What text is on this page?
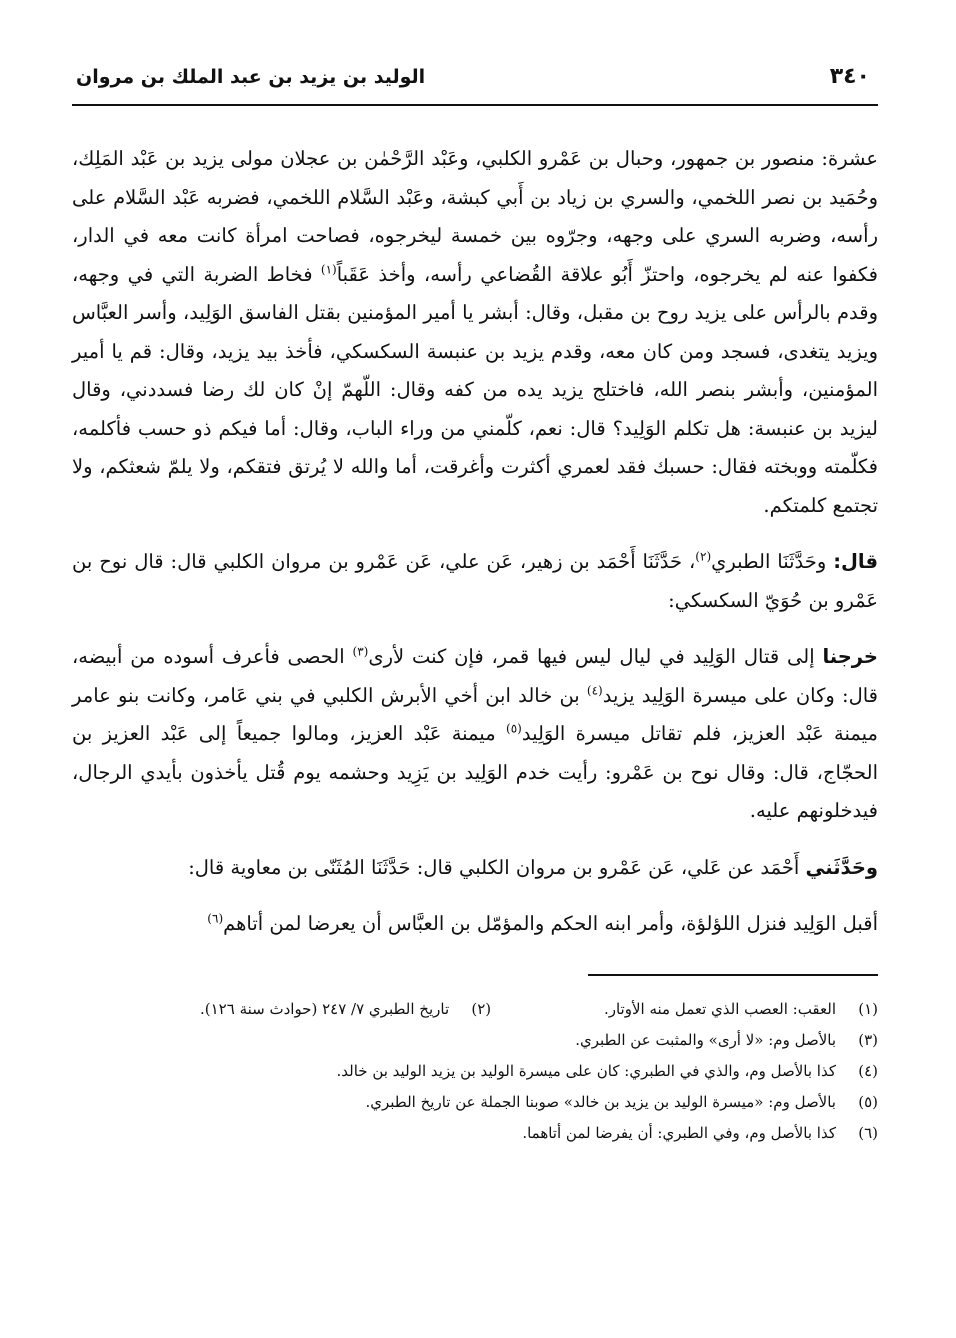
٣٤٠
الوليد بن يزيد بن عبد الملك بن مروان

عشرة: منصور بن جمهور، وحبال بن عَمْرو الكلبي، وعَبْد الرَّحْمٰن بن عجلان مولى يزيد بن عَبْد المَلِك، وحُمَيد بن نصر اللخمي، والسري بن زياد بن أَبي كبشة، وعَبْد السَّلام اللخمي، فضربه عَبْد السَّلام على رأسه، وضربه السري على وجهه، وجرّوه بين خمسة ليخرجوه، فصاحت امرأة كانت معه في الدار، فكفوا عنه لم يخرجوه، واحتزّ أَبُو علاقة القُضاعي رأسه، وأخذ عَقَباً$^{(١)}$ فخاط الضربة التي في وجهه، وقدم بالرأس على يزيد روح بن مقبل، وقال: أبشر يا أمير المؤمنين بقتل الفاسق الوَلِيد، وأسر العبَّاس ويزيد يتغدى، فسجد ومن كان معه، وقدم يزيد بن عنبسة السكسكي، فأخذ بيد يزيد، وقال: قم يا أمير المؤمنين، وأبشر بنصر الله، فاختلج يزيد يده من كفه وقال: اللّهمّ إنْ كان لك رضا فسددني، وقال ليزيد بن عنبسة: هل تكلم الوَلِيد؟ قال: نعم، كلّمني من وراء الباب، وقال: أما فيكم ذو حسب فأكلمه، فكلّمته ووبخته فقال: حسبك فقد لعمري أكثرت وأغرقت، أما والله لا يُرتق فتقكم، ولا يلمّ شعثكم، ولا تجتمع كلمتكم.

قال: وحَدَّثَنَا الطبري$^{(٢)}$، حَدَّثَنَا أَحْمَد بن زهير، عَن علي، عَن عَمْرو بن مروان الكلبي قال: قال نوح بن عَمْرو بن حُوَيّ السكسكي:

خرجنا إلى قتال الوَلِيد في ليال ليس فيها قمر، فإن كنت لأرى$^{(٣)}$ الحصى فأعرف أسوده من أبيضه، قال: وكان على ميسرة الوَلِيد يزيد$^{(٤)}$ بن خالد ابن أخي الأبرش الكلبي في بني عَامر، وكانت بنو عامر ميمنة عَبْد العزيز، فلم تقاتل ميسرة الوَلِيد$^{(٥)}$ ميمنة عَبْد العزيز، ومالوا جميعاً إلى عَبْد العزيز بن الحجّاج، قال: وقال نوح بن عَمْرو: رأيت خدم الوَلِيد بن يَزِيد وحشمه يوم قُتل يأخذون بأيدي الرجال، فيدخلونهم عليه.

وحَدَّثَني أَحْمَد عن عَلي، عَن عَمْرو بن مروان الكلبي قال: حَدَّثَنَا المُثَنّى بن معاوية قال:

أقبل الوَلِيد فنزل اللؤلؤة، وأمر ابنه الحكم والمؤمّل بن العبَّاس أن يعرضا لمن أتاهم$^{(٦)}$

(١)
العقب: العصب الذي تعمل منه الأوتار.
(٢)
تاريخ الطبري ٧/ ٢٤٧ (حوادث سنة ١٢٦).
(٣)
بالأصل وم: «لا أرى» والمثبت عن الطبري.
(٤)
كذا بالأصل وم، والذي في الطبري: كان على ميسرة الوليد بن يزيد الوليد بن خالد.
(٥)
بالأصل وم: «ميسرة الوليد بن يزيد بن خالد» صوبنا الجملة عن تاريخ الطبري.
(٦)
كذا بالأصل وم، وفي الطبري: أن يفرضا لمن أتاهما.
